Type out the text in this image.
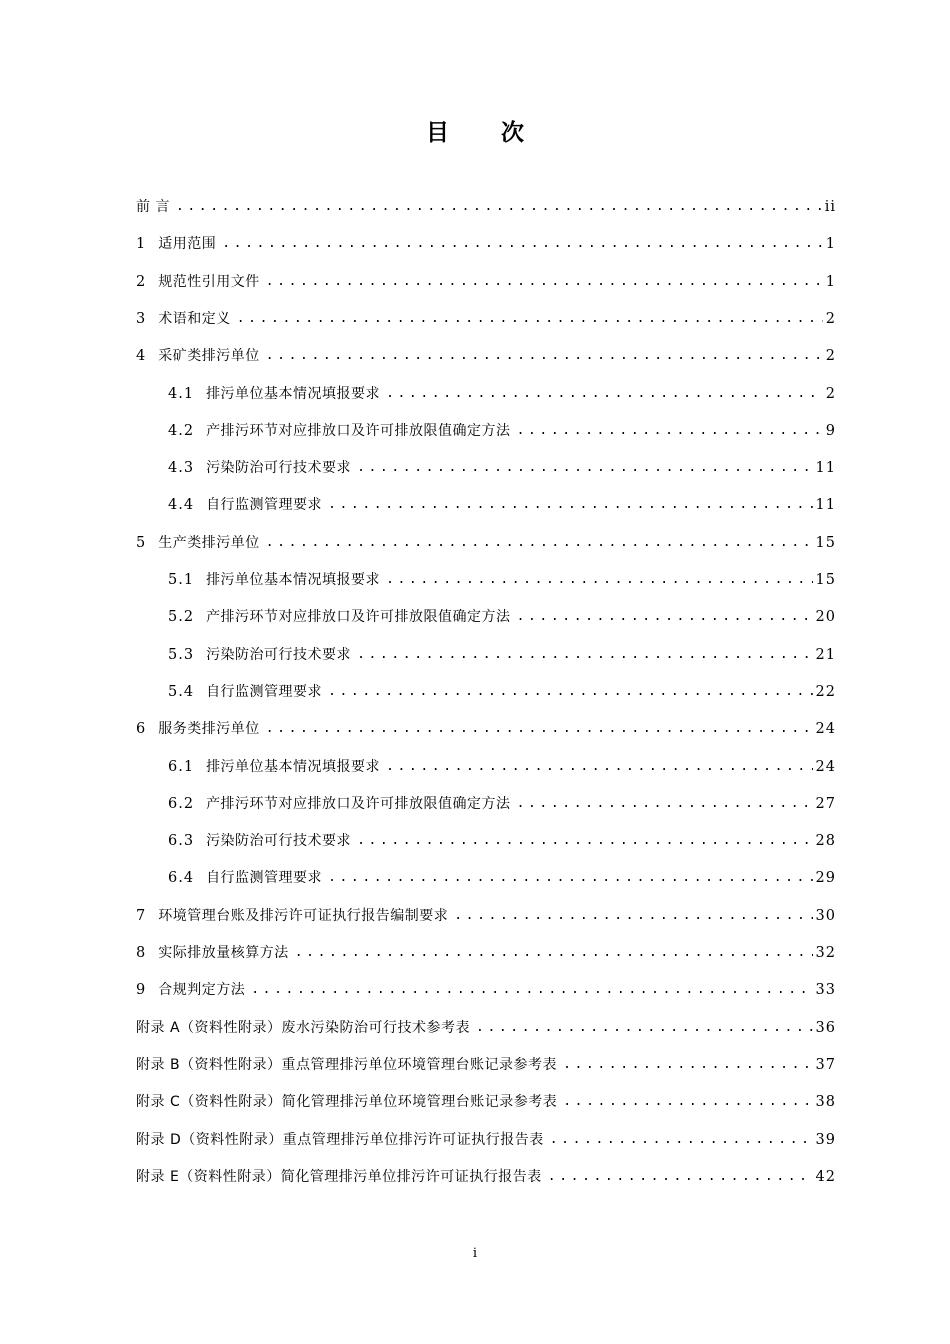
目 次
前 言 .....	ii
1 适用范围 .....	1
2 规范性引用文件 .....	1
3 术语和定义 .....	2
4 采矿类排污单位 .....	2
4.1 排污单位基本情况填报要求 .....	2
4.2 产排污环节对应排放口及许可排放限值确定方法 .....	9
4.3 污染防治可行技术要求 .....	11
4.4 自行监测管理要求 .....	11
5 生产类排污单位 .....	15
5.1 排污单位基本情况填报要求 .....	15
5.2 产排污环节对应排放口及许可排放限值确定方法 .....	20
5.3 污染防治可行技术要求 .....	21
5.4 自行监测管理要求 .....	22
6 服务类排污单位 .....	24
6.1 排污单位基本情况填报要求 .....	24
6.2 产排污环节对应排放口及许可排放限值确定方法 .....	27
6.3 污染防治可行技术要求 .....	28
6.4 自行监测管理要求 .....	29
7 环境管理台账及排污许可证执行报告编制要求 .....	30
8 实际排放量核算方法 .....	32
9 合规判定方法 .....	33
附录 A（资料性附录）废水污染防治可行技术参考表 .....	36
附录 B（资料性附录）重点管理排污单位环境管理台账记录参考表 .....	37
附录 C（资料性附录）简化管理排污单位环境管理台账记录参考表 .....	38
附录 D（资料性附录）重点管理排污单位排污许可证执行报告表 .....	39
附录 E（资料性附录）简化管理排污单位排污许可证执行报告表 .....	42
i
